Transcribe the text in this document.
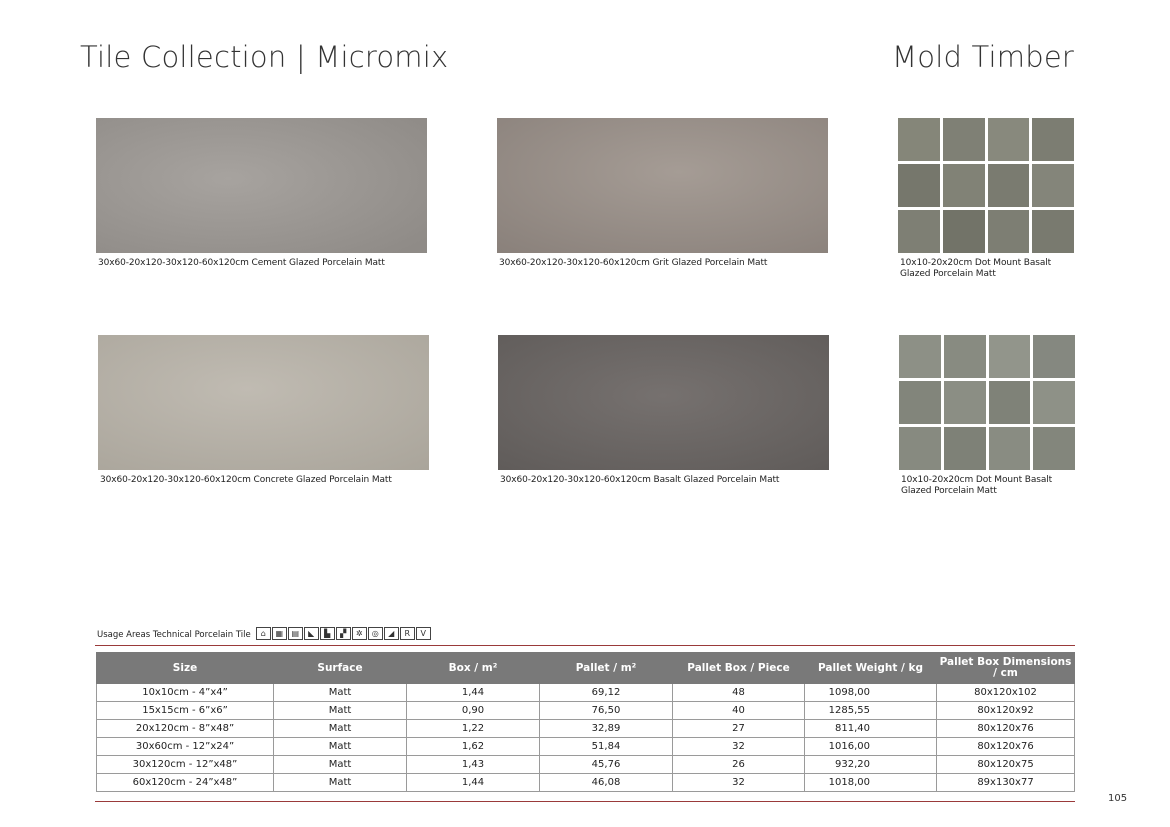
Tile Collection | Micromix	Mold Timber
30x60-20x120-30x120-60x120cm Cement Glazed Porcelain Matt	30x60-20x120-30x120-60x120cm Grit Glazed Porcelain Matt	10x10-20x20cm Dot Mount Basalt Glazed Porcelain Matt
30x60-20x120-30x120-60x120cm Concrete Glazed Porcelain Matt	30x60-20x120-30x120-60x120cm Basalt Glazed Porcelain Matt	10x10-20x20cm Dot Mount Basalt Glazed Porcelain Matt
Usage Areas Technical Porcelain Tile	⌂	▦	▤	◣	▙	▞	✲	◎	◢	R	V
Size	Surface	Box / m²	Pallet / m²	Pallet Box / Piece	Pallet Weight / kg	Pallet Box Dimensions / cm
10x10cm - 4”x4”	Matt	1,44	69,12	48	1098,00	80x120x102
15x15cm - 6”x6”	Matt	0,90	76,50	40	1285,55	80x120x92
20x120cm - 8”x48”	Matt	1,22	32,89	27	811,40	80x120x76
30x60cm - 12”x24”	Matt	1,62	51,84	32	1016,00	80x120x76
30x120cm - 12”x48”	Matt	1,43	45,76	26	932,20	80x120x75
60x120cm - 24”x48”	Matt	1,44	46,08	32	1018,00	89x130x77
105
